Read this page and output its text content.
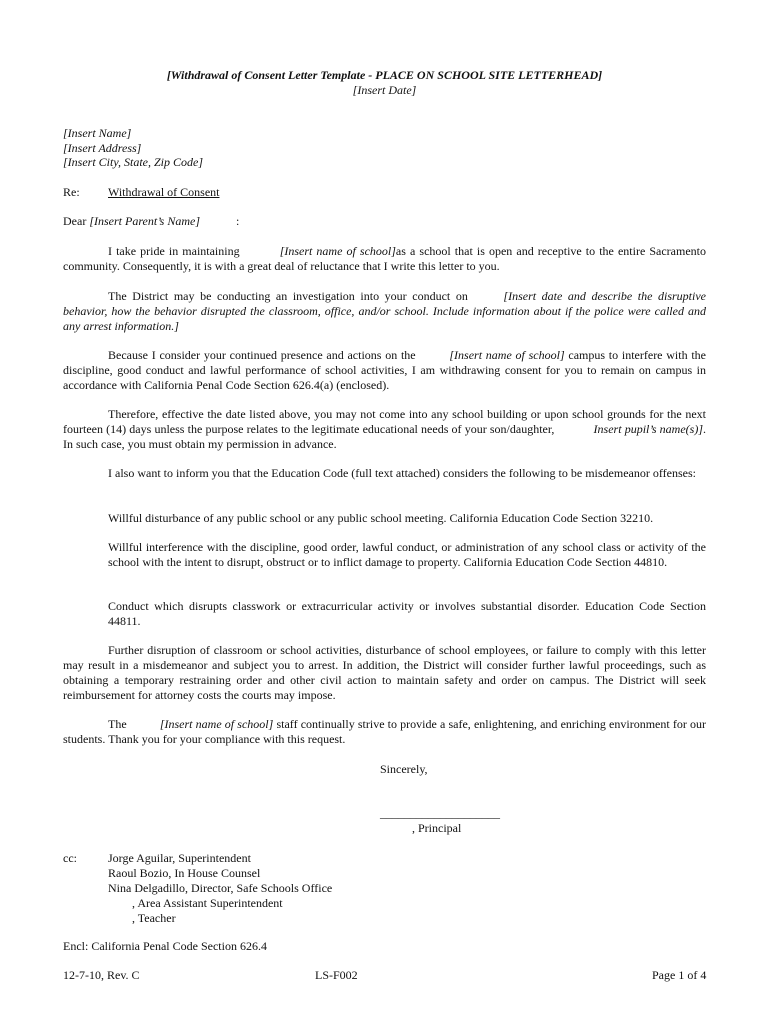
[Withdrawal of Consent Letter Template - PLACE ON SCHOOL SITE LETTERHEAD]
[Insert Date]
[Insert Name]
[Insert Address]
[Insert City, State, Zip Code]
Re: Withdrawal of Consent
Dear [Insert Parent’s Name]	:
I take pride in maintaining	[Insert name of school]as a school that is open and receptive to the entire Sacramento community. Consequently, it is with a great deal of reluctance that I write this letter to you.
The District may be conducting an investigation into your conduct on	[Insert date and describe the disruptive behavior, how the behavior disrupted the classroom, office, and/or school. Include information about if the police were called and any arrest information.]
Because I consider your continued presence and actions on the	[Insert name of school] campus to interfere with the discipline, good conduct and lawful performance of school activities, I am withdrawing consent for you to remain on campus in accordance with California Penal Code Section 626.4(a) (enclosed).
Therefore, effective the date listed above, you may not come into any school building or upon school grounds for the next fourteen (14) days unless the purpose relates to the legitimate educational needs of your son/daughter,	Insert pupil’s name(s)]. In such case, you must obtain my permission in advance.
I also want to inform you that the Education Code (full text attached) considers the following to be misdemeanor offenses:
Willful disturbance of any public school or any public school meeting. California Education Code Section 32210.
Willful interference with the discipline, good order, lawful conduct, or administration of any school class or activity of the school with the intent to disrupt, obstruct or to inflict damage to property. California Education Code Section 44810.
Conduct which disrupts classwork or extracurricular activity or involves substantial disorder. Education Code Section 44811.
Further disruption of classroom or school activities, disturbance of school employees, or failure to comply with this letter may result in a misdemeanor and subject you to arrest. In addition, the District will consider further lawful proceedings, such as obtaining a temporary restraining order and other civil action to maintain safety and order on campus. The District will seek reimbursement for attorney costs the courts may impose.
The	[Insert name of school] staff continually strive to provide a safe, enlightening, and enriching environment for our students. Thank you for your compliance with this request.
Sincerely,
____________________
, Principal
cc:	Jorge Aguilar, Superintendent
Raoul Bozio, In House Counsel
Nina Delgadillo, Director, Safe Schools Office
, Area Assistant Superintendent
, Teacher
Encl: California Penal Code Section 626.4
12-7-10, Rev. C	LS-F002	Page 1 of 4
